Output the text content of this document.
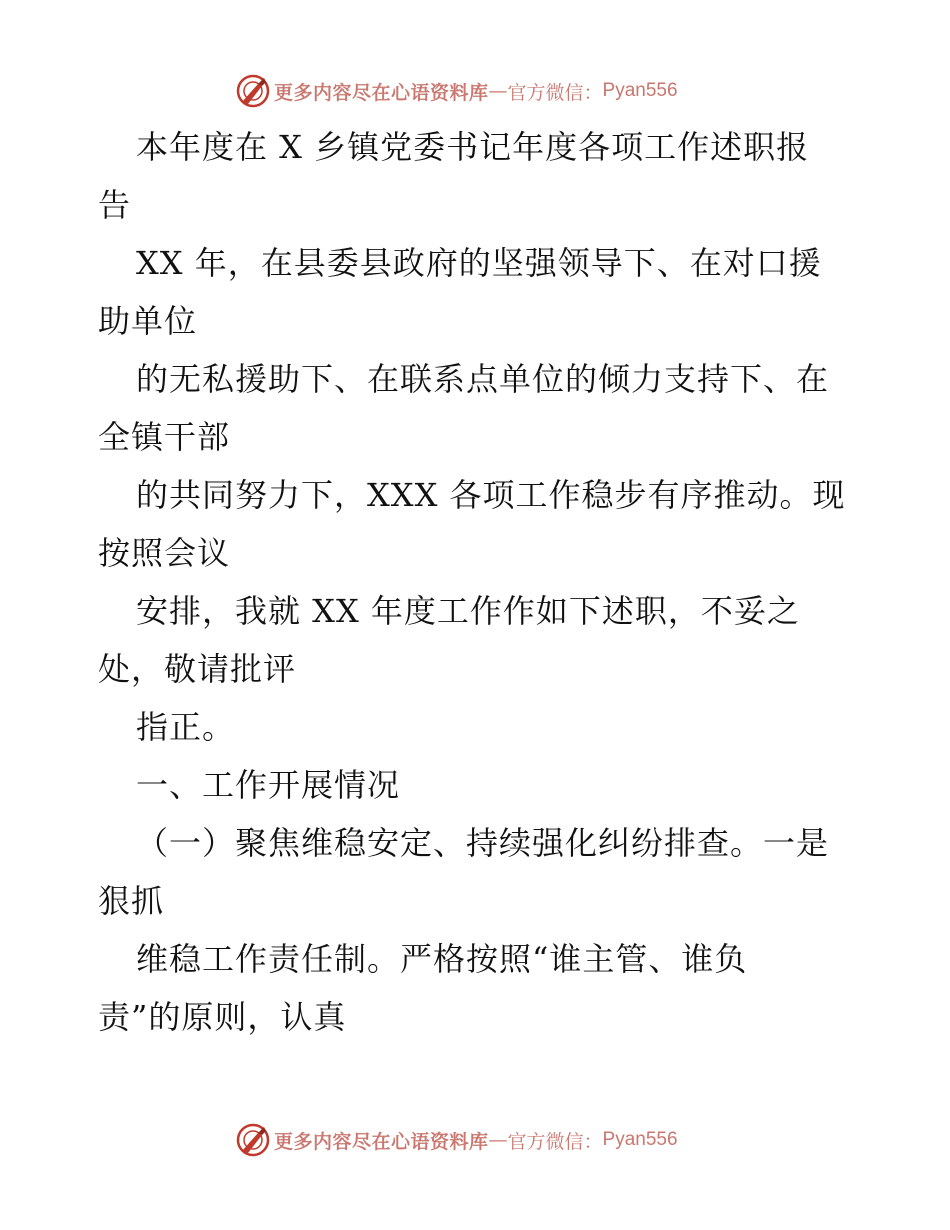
更多内容尽在心语资料库 — 官方微信： Pyan556
本年度在 X 乡镇党委书记年度各项工作述职报
告
XX 年，在县委县政府的坚强领导下、在对口援
助单位
的无私援助下、在联系点单位的倾力支持下、在
全镇干部
的共同努力下，XXX 各项工作稳步有序推动。现
按照会议
安排，我就 XX 年度工作作如下述职，不妥之
处，敬请批评
指正。
一、工作开展情况
（一）聚焦维稳安定、持续强化纠纷排查。一是
狠抓
维稳工作责任制。严格按照“谁主管、谁负
责”的原则，认真
更多内容尽在心语资料库 — 官方微信： Pyan556
